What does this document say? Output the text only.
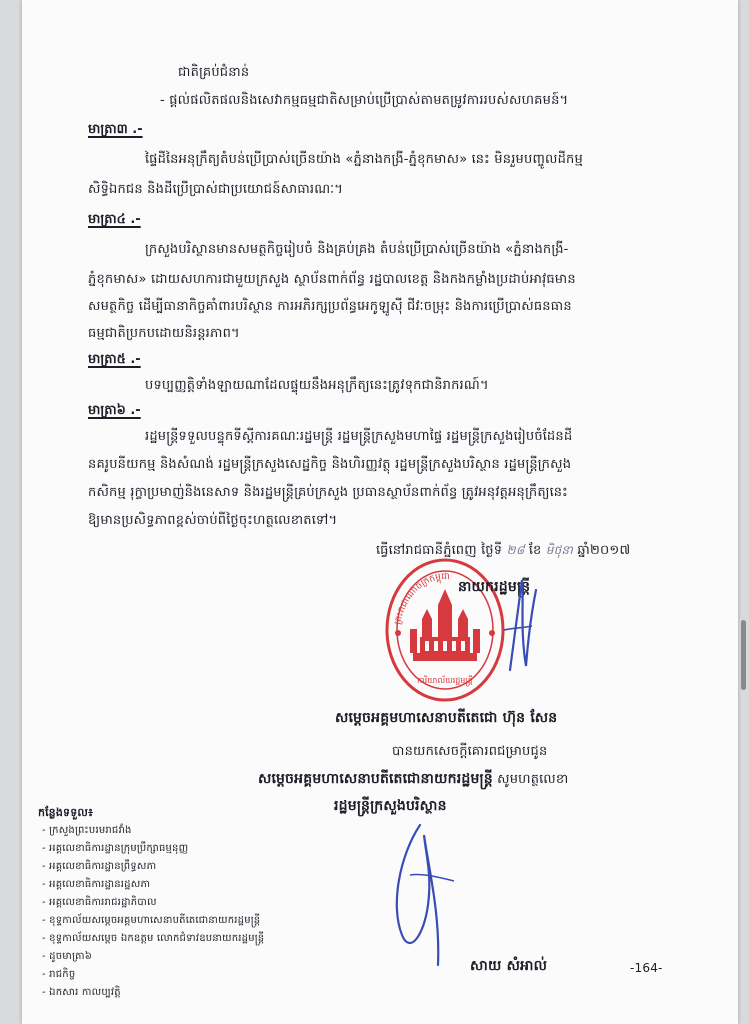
ជាតិគ្រប់ជំនាន់
- ផ្តល់ផលិតផលនិងសេវាកម្មធម្មជាតិសម្រាប់ប្រើប្រាស់តាមតម្រូវការរបស់សហគមន៍។
មាត្រា៣ .-
ផ្ទៃដីនៃអនុក្រឹត្យតំបន់ប្រើប្រាស់ច្រើនយ៉ាង «ភ្នំនាងកង្រី-ភ្នំខុកមាស» នេះ មិនរួមបញ្ចូលដីកម្ម
សិទ្ធិឯកជន និងដីប្រើប្រាស់ជាប្រយោជន៍សាធារណៈ។
មាត្រា៤ .-
ក្រសួងបរិស្ថានមានសមត្ថកិច្ចរៀបចំ និងគ្រប់គ្រង តំបន់ប្រើប្រាស់ច្រើនយ៉ាង «ភ្នំនាងកង្រី-
ភ្នំខុកមាស» ដោយសហការជាមួយក្រសួង ស្ថាប័នពាក់ព័ន្ធ រដ្ឋបាលខេត្ត និងកងកម្លាំងប្រដាប់អាវុធមាន
សមត្ថកិច្ច ដើម្បីធានាកិច្ចគាំពារបរិស្ថាន ការអភិរក្សប្រព័ន្ធអេកូឡូស៊ី ជីវៈចម្រុះ និងការប្រើប្រាស់ធនធាន
ធម្មជាតិប្រកបដោយនិរន្តរភាព។
មាត្រា៥ .-
បទប្បញ្ញត្តិទាំងឡាយណាដែលផ្ទុយនឹងអនុក្រឹត្យនេះត្រូវទុកជានិរាករណ៍។
មាត្រា៦ .-
រដ្ឋមន្ត្រីទទួលបន្ទុកទីស្តីការគណៈរដ្ឋមន្ត្រី រដ្ឋមន្ត្រីក្រសួងមហាផ្ទៃ រដ្ឋមន្ត្រីក្រសួងរៀបចំដែនដី
នគរូបនីយកម្ម និងសំណង់ រដ្ឋមន្ត្រីក្រសួងសេដ្ឋកិច្ច និងហិរញ្ញវត្ថុ រដ្ឋមន្ត្រីក្រសួងបរិស្ថាន រដ្ឋមន្ត្រីក្រសួង
កសិកម្ម រុក្ខាប្រមាញ់និងនេសាទ និងរដ្ឋមន្ត្រីគ្រប់ក្រសួង ប្រធានស្ថាប័នពាក់ព័ន្ធ ត្រូវអនុវត្តអនុក្រឹត្យនេះ
ឱ្យមានប្រសិទ្ធភាពខ្ពស់ចាប់ពីថ្ងៃចុះហត្ថលេខាតទៅ។
ធ្វើនៅរាជធានីភ្នំពេញ ថ្ងៃទី ២៨ ខែ មិថុនា ឆ្នាំ២០១៧
ព្រះរាជាណាចក្រកម្ពុជា
ការិយាល័យរដ្ឋមន្ត្រី
នាយករដ្ឋមន្ត្រី
សម្តេចអគ្គមហាសេនាបតីតេជោ ហ៊ុន សែន
បានយកសេចក្តីគោរពជម្រាបជូន
សម្តេចអគ្គមហាសេនាបតីតេជោនាយករដ្ឋមន្ត្រី សូមហត្ថលេខា
រដ្ឋមន្ត្រីក្រសួងបរិស្ថាន
កន្លែងទទួល៖
- ក្រសួងព្រះបរមរាជវាំង
- អគ្គលេខាធិការដ្ឋានក្រុមប្រឹក្សាធម្មនុញ្ញ
- អគ្គលេខាធិការដ្ឋានព្រឹទ្ធសភា
- អគ្គលេខាធិការដ្ឋានរដ្ឋសភា
- អគ្គលេខាធិការរាជរដ្ឋាភិបាល
- ខុទ្ទកាល័យសម្តេចអគ្គមហាសេនាបតីតេជោនាយករដ្ឋមន្ត្រី
- ខុទ្ទកាល័យសម្តេច ឯកឧត្តម លោកជំទាវឧបនាយករដ្ឋមន្ត្រី
- ដូចមាត្រា៦
- រាជកិច្ច
- ឯកសារ កាលប្បវត្តិ
សាយ សំអាល់	-164-
